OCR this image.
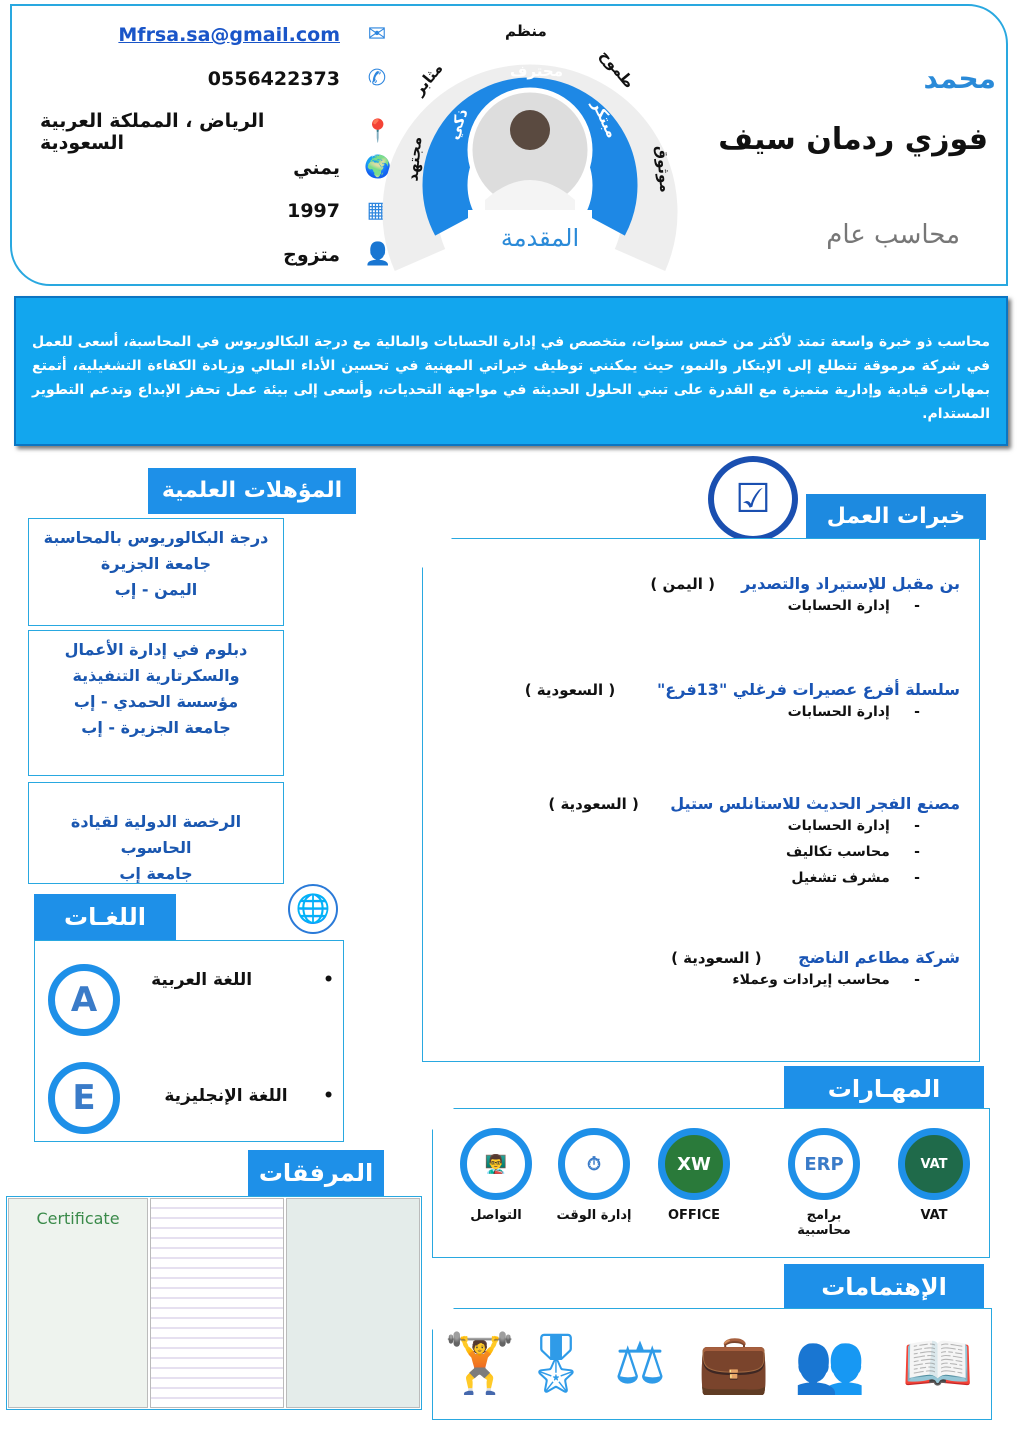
Mfrsa.sa@gmail.com ✉
0556422373 ✆
الرياض ، المملكة العربية السعودية	📍
يمني 🌍
1997 ▦
متزوج 👤
المقدمة
مجتهد
مثابر
منظم
طموح
موثوق
ذكي
محترف
مبتكر
محمد
فوزي ردمان سيف
محاسب عام
محاسب ذو خبرة واسعة تمتد لأكثر من خمس سنوات، متخصص في إدارة الحسابات والمالية مع درجة البكالوريوس في المحاسبة، أسعى للعمل في شركة مرموقة تتطلع إلى الإبتكار والنمو، حيث يمكنني توظيف خبراتي المهنية في تحسين الأداء المالي وزيادة الكفاءة التشغيلية، أتمتع بمهارات قيادية وإدارية متميزة مع القدرة على تبني الحلول الحديثة في مواجهة التحديات، وأسعى إلى بيئة عمل تحفز الإبداع وتدعم التطوير المستدام.
المؤهلات العلمية
درجة البكالوريوس بالمحاسبة
جامعة الجزيرة
اليمن - إب
دبلوم في إدارة الأعمال والسكرتارية التنفيذية
مؤسسة الحمدي - إب
جامعة الجزيرة - إب
الرخصة الدولية لقيادة الحاسوب
جامعة إب
☑	خبرات العمل
بن مقبل للإستيراد والتصدير     ( اليمن )
-     إدارة الحسابات
سلسلة أفرع عصيرات فرغلي "13فرع"        ( السعودية )
-     إدارة الحسابات
مصنع الفجر الحديث للاستانلس ستيل      ( السعودية )
-     إدارة الحسابات
-     محاسب تكاليف
-     مشرف تشغيل
شركة مطاعم الناضج       ( السعودية )
-     محاسب إيرادات وعملاء
🌐
اللغـات
A	•            اللغة العربية
E	•      اللغة الإنجليزية	المهـارات
VAT
VAT
ERP
برامج محاسبية
XW
OFFICE
⏱
إدارة الوقت
👨‍🏫
التواصل
الإهتمامات
📖
👥
💼
⚖
🎖
🏋
المرفقات
Certificate
